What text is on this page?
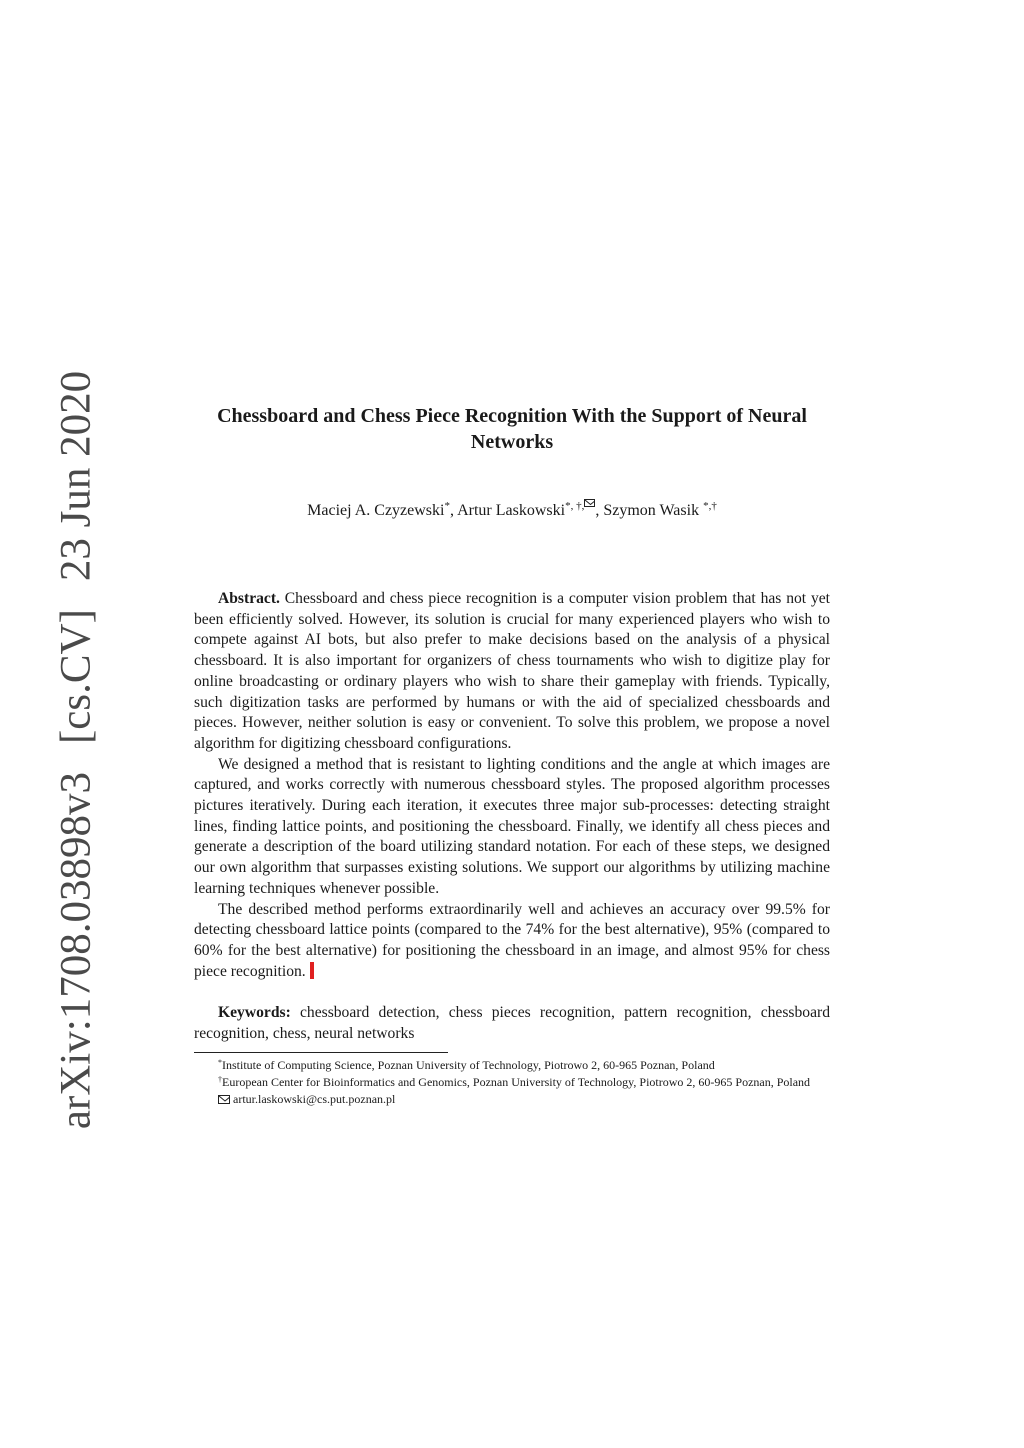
arXiv:1708.03898v3[cs.CV]23 Jun 2020	Chessboard and Chess Piece Recognition With the Support of Neural Networks
Maciej A. Czyzewski*, Artur Laskowski*, †, , Szymon Wasik *,†

Abstract. Chessboard and chess piece recognition is a computer vision problem that has not yet been efficiently solved. However, its solution is crucial for many experienced players who wish to compete against AI bots, but also prefer to make decisions based on the analysis of a physical chessboard. It is also important for organizers of chess tournaments who wish to digitize play for online broadcasting or ordinary players who wish to share their gameplay with friends. Typically, such digitization tasks are performed by humans or with the aid of specialized chessboards and pieces. However, neither solution is easy or convenient. To solve this problem, we propose a novel algorithm for digitizing chessboard configurations.

We designed a method that is resistant to lighting conditions and the angle at which images are captured, and works correctly with numerous chessboard styles. The proposed algorithm processes pictures iteratively. During each iteration, it executes three major sub-processes: detecting straight lines, finding lattice points, and positioning the chessboard. Finally, we identify all chess pieces and generate a description of the board utilizing standard notation. For each of these steps, we designed our own algorithm that surpasses existing solutions. We support our algorithms by utilizing machine learning techniques whenever possible.

The described method performs extraordinarily well and achieves an accuracy over 99.5% for detecting chessboard lattice points (compared to the 74% for the best alternative), 95% (compared to 60% for the best alternative) for positioning the chessboard in an image, and almost 95% for chess piece recognition.

Keywords: chessboard detection, chess pieces recognition, pattern recognition, chessboard recognition, chess, neural networks

*Institute of Computing Science, Poznan University of Technology, Piotrowo 2, 60-965 Poznan, Poland

†European Center for Bioinformatics and Genomics, Poznan University of Technology, Piotrowo 2, 60-965 Poznan, Poland

artur.laskowski@cs.put.poznan.pl
